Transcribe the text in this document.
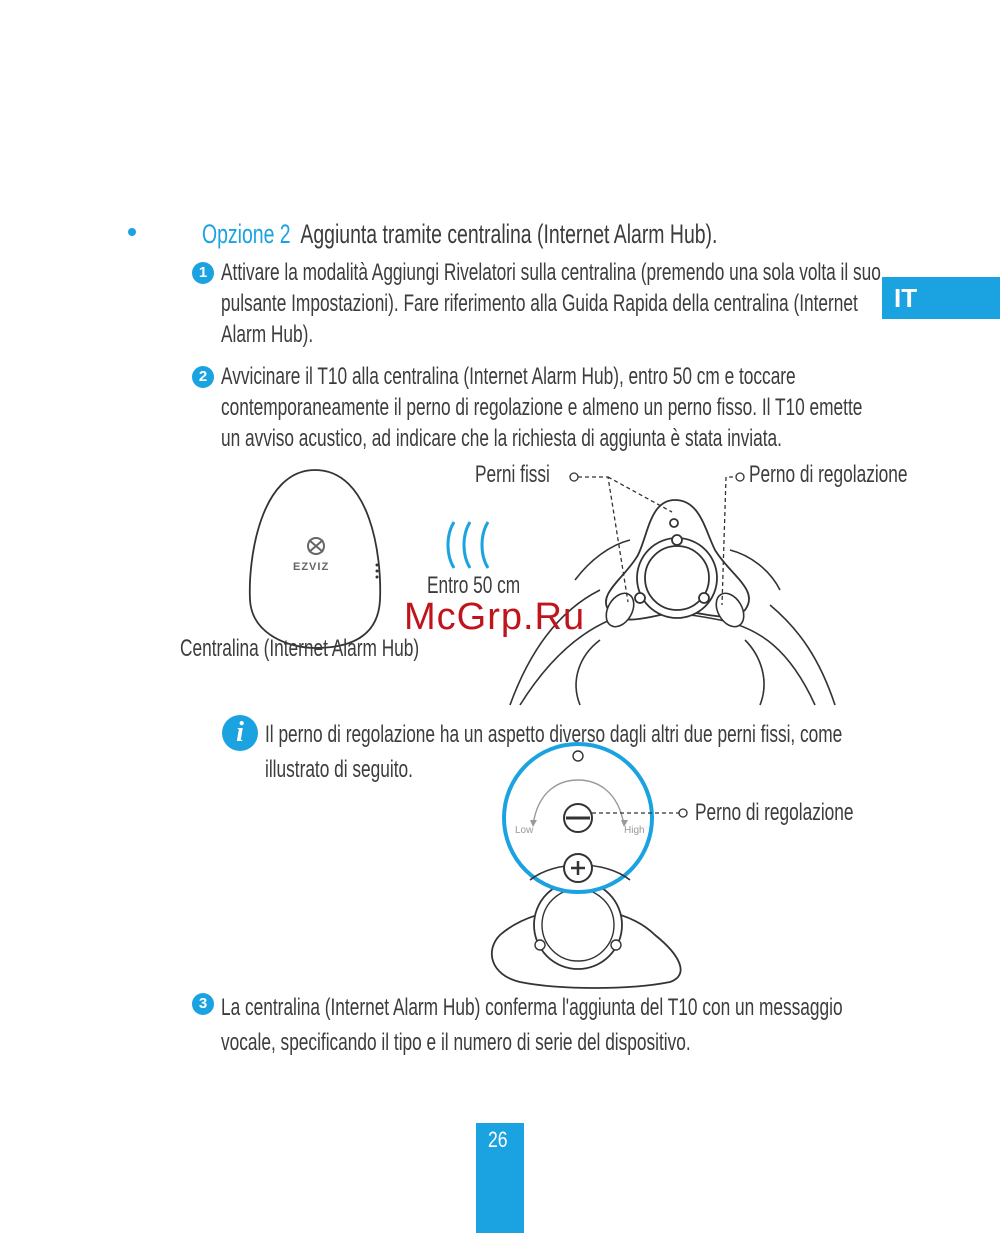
Opzione 2 Aggiunta tramite centralina (Internet Alarm Hub).
IT
1 Attivare la modalità Aggiungi Rivelatori sulla centralina (premendo una sola volta il suo
pulsante Impostazioni). Fare riferimento alla Guida Rapida della centralina (Internet
Alarm Hub).
2 Avvicinare il T10 alla centralina (Internet Alarm Hub), entro 50 cm e toccare
contemporaneamente il perno di regolazione e almeno un perno fisso. Il T10 emette
un avviso acustico, ad indicare che la richiesta di aggiunta è stata inviata.
Perni fissi	Perno di regolazione
Entro 50 cm
Centralina (Internet Alarm Hub)
EZVIZ
McGrp.Ru
i Il perno di regolazione ha un aspetto diverso dagli altri due perni fissi, come
illustrato di seguito.
Perno di regolazione
Low	High
3 La centralina (Internet Alarm Hub) conferma l'aggiunta del T10 con un messaggio
vocale, specificando il tipo e il numero di serie del dispositivo.
26
